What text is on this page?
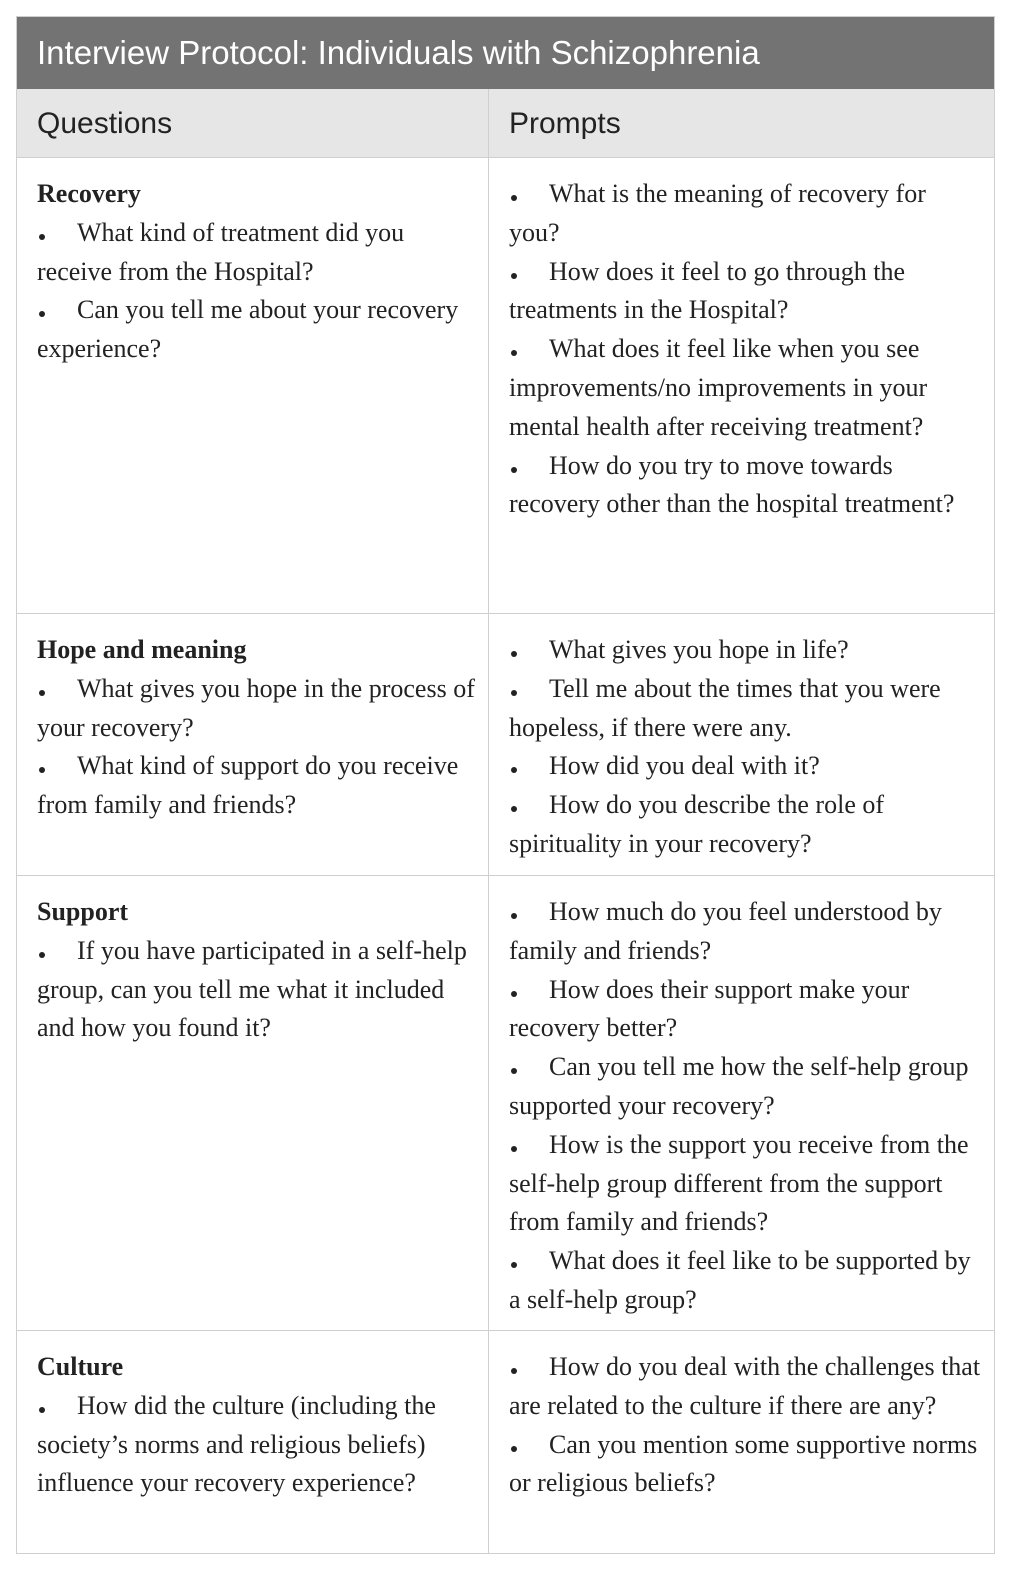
Interview Protocol: Individuals with Schizophrenia
Questions	Prompts
Recovery
What kind of treatment did you receive from the Hospital?
Can you tell me about your recovery experience?
What is the meaning of recovery for you?
How does it feel to go through the treatments in the Hospital?
What does it feel like when you see improvements/no improvements in your mental health after receiving treatment?
How do you try to move towards recovery other than the hospital treatment?
Hope and meaning
What gives you hope in the process of your recovery?
What kind of support do you receive from family and friends?
What gives you hope in life?
Tell me about the times that you were hopeless, if there were any.
How did you deal with it?
How do you describe the role of spirituality in your recovery?
Support
If you have participated in a self-help group, can you tell me what it included and how you found it?
How much do you feel understood by family and friends?
How does their support make your recovery better?
Can you tell me how the self-help group supported your recovery?
How is the support you receive from the self-help group different from the support from family and friends?
What does it feel like to be supported by a self-help group?
Culture
How did the culture (including the society’s norms and religious beliefs) influence your recovery experience?
How do you deal with the challenges that are related to the culture if there are any?
Can you mention some supportive norms or religious beliefs?
